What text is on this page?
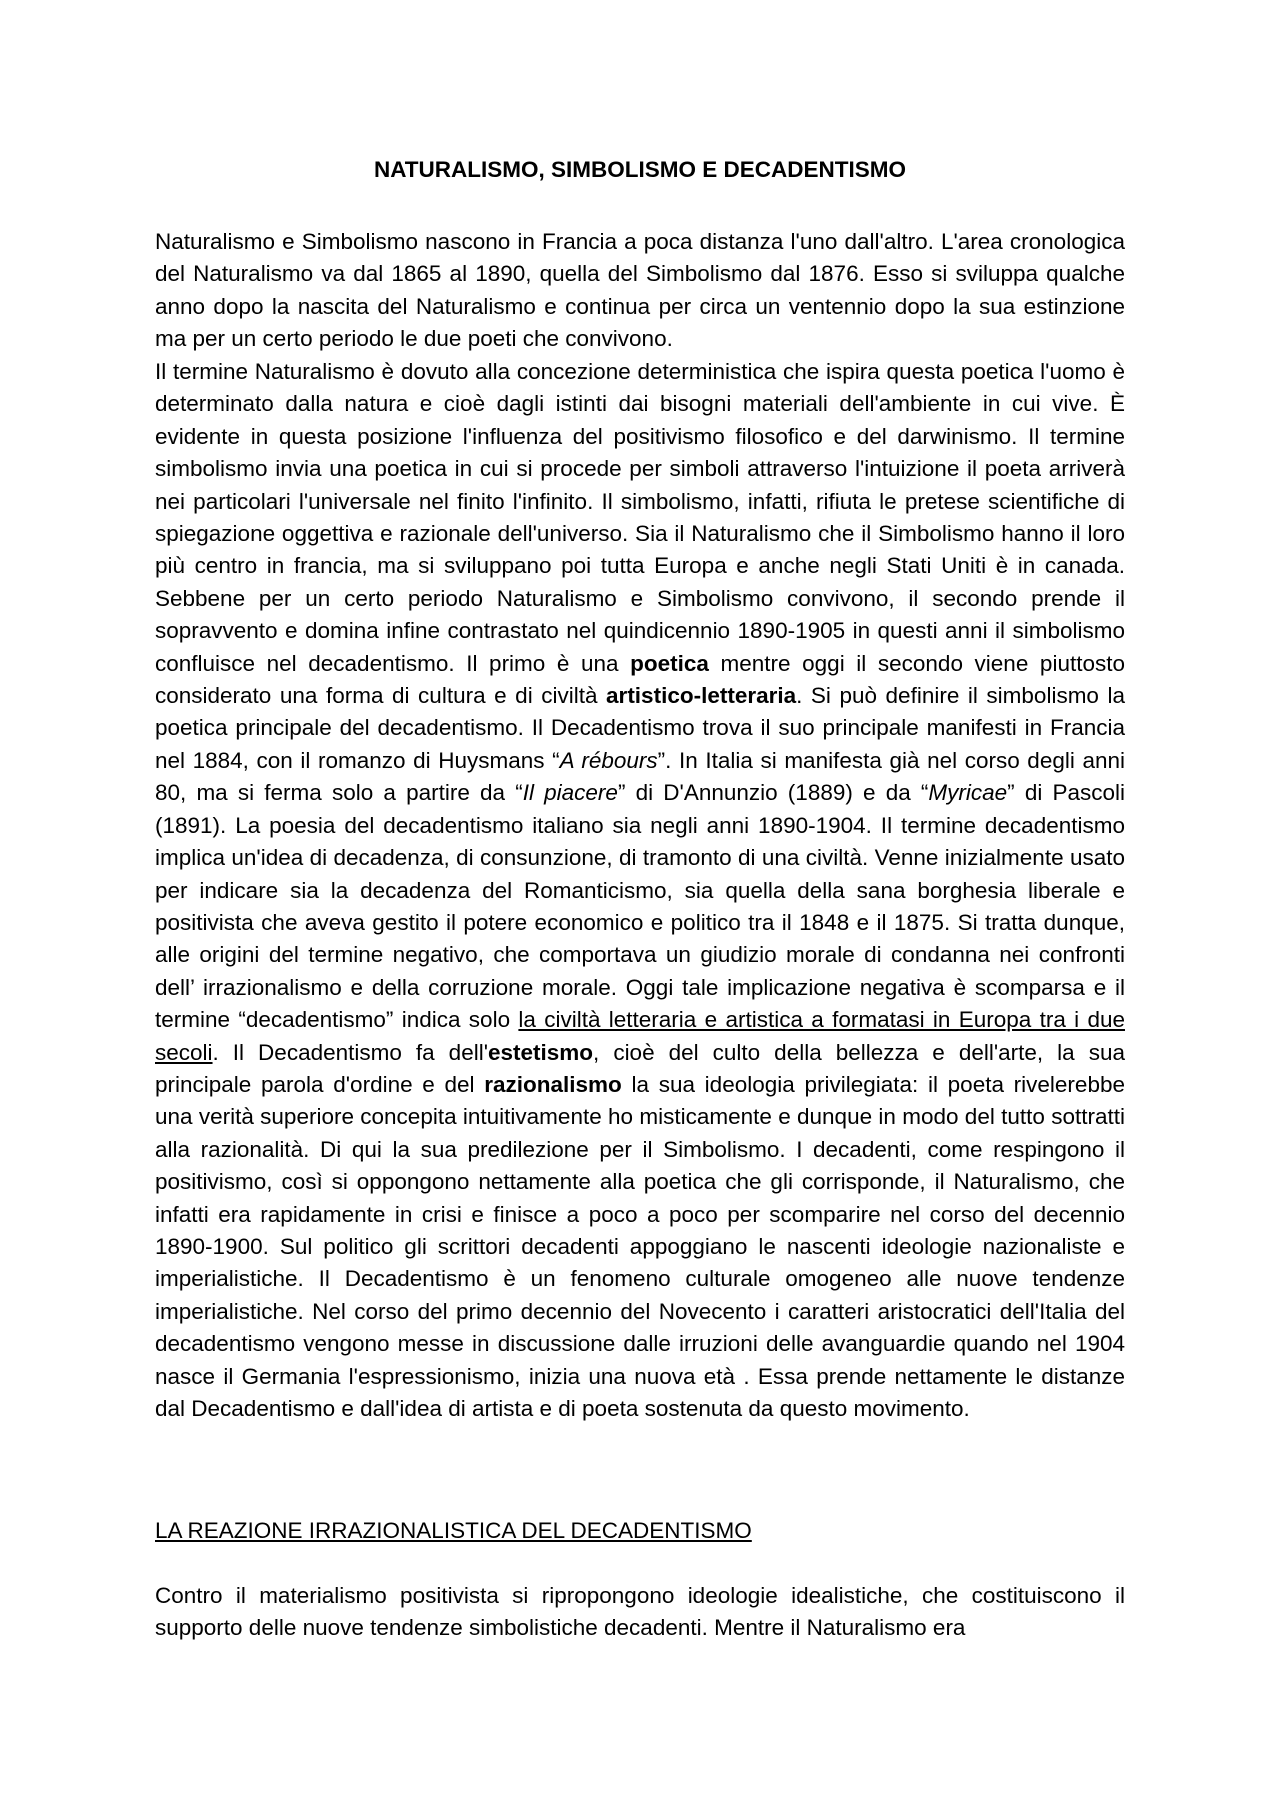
NATURALISMO, SIMBOLISMO E DECADENTISMO

Naturalismo e Simbolismo nascono in Francia a poca distanza l'uno dall'altro. L'area cronologica del Naturalismo va dal 1865 al 1890, quella del Simbolismo dal 1876. Esso si sviluppa qualche anno dopo la nascita del Naturalismo e continua per circa un ventennio dopo la sua estinzione ma per un certo periodo le due poeti che convivono.

Il termine Naturalismo è dovuto alla concezione deterministica che ispira questa poetica l'uomo è determinato dalla natura e cioè dagli istinti dai bisogni materiali dell'ambiente in cui vive. È evidente in questa posizione l'influenza del positivismo filosofico e del darwinismo. Il termine simbolismo invia una poetica in cui si procede per simboli attraverso l'intuizione il poeta arriverà nei particolari l'universale nel finito l'infinito. Il simbolismo, infatti, rifiuta le pretese scientifiche di spiegazione oggettiva e razionale dell'universo. Sia il Naturalismo che il Simbolismo hanno il loro più centro in francia, ma si sviluppano poi tutta Europa e anche negli Stati Uniti è in canada. Sebbene per un certo periodo Naturalismo e Simbolismo convivono, il secondo prende il sopravvento e domina infine contrastato nel quindicennio 1890-1905 in questi anni il simbolismo confluisce nel decadentismo. Il primo è una poetica mentre oggi il secondo viene piuttosto considerato una forma di cultura e di civiltà artistico-letteraria. Si può definire il simbolismo la poetica principale del decadentismo. Il Decadentismo trova il suo principale manifesti in Francia nel 1884, con il romanzo di Huysmans “A rébours”. In Italia si manifesta già nel corso degli anni 80, ma si ferma solo a partire da “Il piacere” di D'Annunzio (1889) e da “Myricae” di Pascoli (1891). La poesia del decadentismo italiano sia negli anni 1890-1904. Il termine decadentismo implica un'idea di decadenza, di consunzione, di tramonto di una civiltà. Venne inizialmente usato per indicare sia la decadenza del Romanticismo, sia quella della sana borghesia liberale e positivista che aveva gestito il potere economico e politico tra il 1848 e il 1875. Si tratta dunque, alle origini del termine negativo, che comportava un giudizio morale di condanna nei confronti dell’ irrazionalismo e della corruzione morale. Oggi tale implicazione negativa è scomparsa e il termine “decadentismo” indica solo la civiltà letteraria e artistica a formatasi in Europa tra i due secoli. Il Decadentismo fa dell'estetismo, cioè del culto della bellezza e dell'arte, la sua principale parola d'ordine e del razionalismo la sua ideologia privilegiata: il poeta rivelerebbe una verità superiore concepita intuitivamente ho misticamente e dunque in modo del tutto sottratti alla razionalità. Di qui la sua predilezione per il Simbolismo. I decadenti, come respingono il positivismo, così si oppongono nettamente alla poetica che gli corrisponde, il Naturalismo, che infatti era rapidamente in crisi e finisce a poco a poco per scomparire nel corso del decennio 1890-1900. Sul politico gli scrittori decadenti appoggiano le nascenti ideologie nazionaliste e imperialistiche. Il Decadentismo è un fenomeno culturale omogeneo alle nuove tendenze imperialistiche. Nel corso del primo decennio del Novecento i caratteri aristocratici dell'Italia del decadentismo vengono messe in discussione dalle irruzioni delle avanguardie quando nel 1904 nasce il Germania l'espressionismo, inizia una nuova età . Essa prende nettamente le distanze dal Decadentismo e dall'idea di artista e di poeta sostenuta da questo movimento.

LA REAZIONE IRRAZIONALISTICA DEL DECADENTISMO

Contro il materialismo positivista si ripropongono ideologie idealistiche, che costituiscono il supporto delle nuove tendenze simbolistiche decadenti. Mentre il Naturalismo era
